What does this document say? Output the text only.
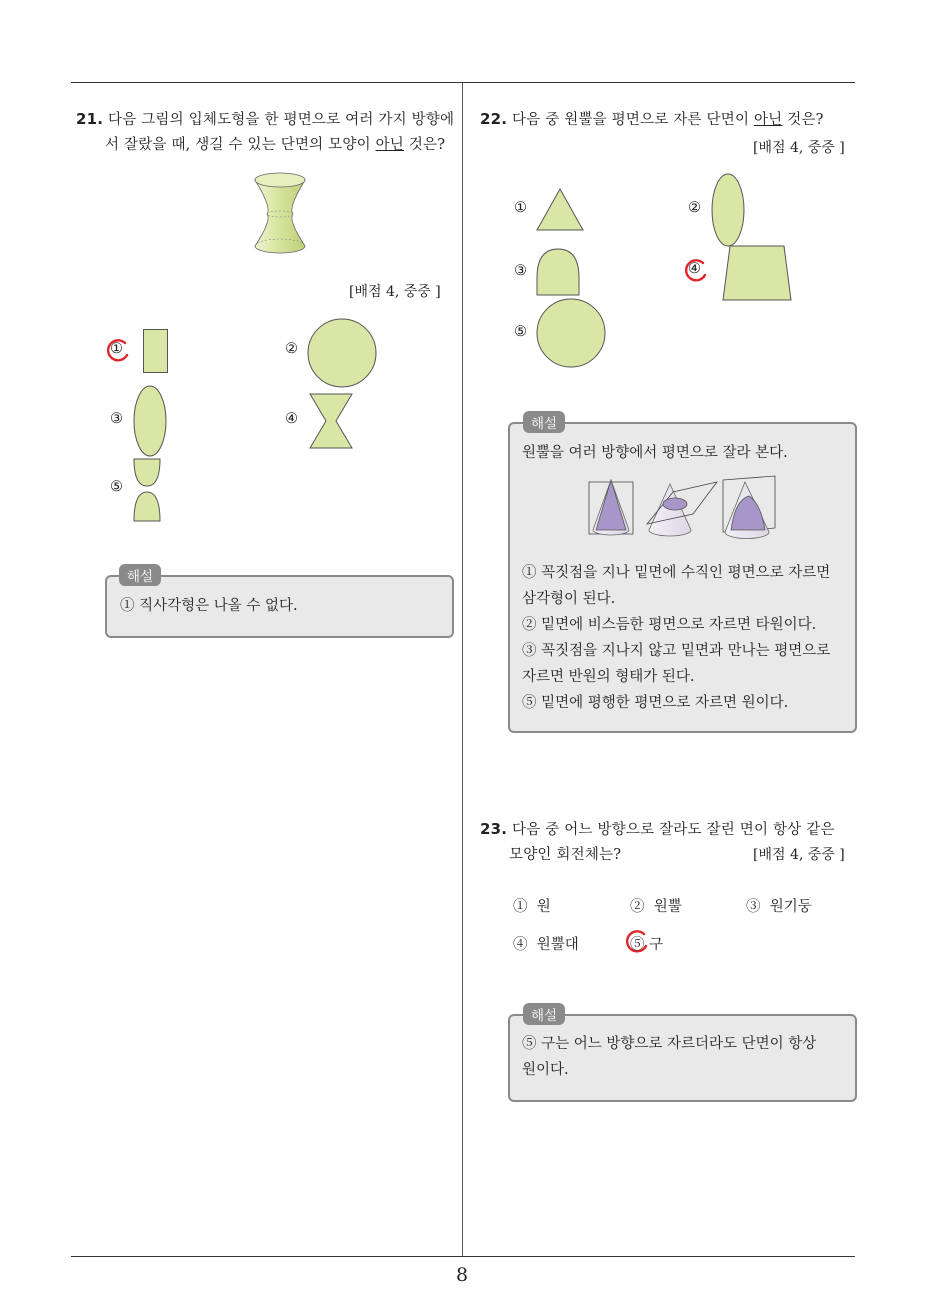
8
21. 다음 그림의 입체도형을 한 평면으로 여러 가지 방향에
서 잘랐을 때, 생길 수 있는 단면의 모양이 아닌 것은?
[배점 4, 중중 ]
①	②
③	④
⑤
해설
① 직사각형은 나올 수 없다.
22. 다음 중 원뿔을 평면으로 자른 단면이 아닌 것은?
[배점 4, 중중 ]
①	②
③	④
⑤
해설
원뿔을 여러 방향에서 평면으로 잘라 본다.
① 꼭짓점을 지나 밑면에 수직인 평면으로 자르면
삼각형이 된다.
② 밑면에 비스듬한 평면으로 자르면 타원이다.
③ 꼭짓점을 지나지 않고 밑면과 만나는 평면으로
자르면 반원의 형태가 된다.
⑤ 밑면에 평행한 평면으로 자르면 원이다.
23. 다음 중 어느 방향으로 잘라도 잘린 면이 항상 같은
모양인 회전체는?	[배점 4, 중중 ]
① 원	② 원뿔	③ 원기둥
④ 원뿔대	⑤ 구
해설
⑤ 구는 어느 방향으로 자르더라도 단면이 항상
원이다.
